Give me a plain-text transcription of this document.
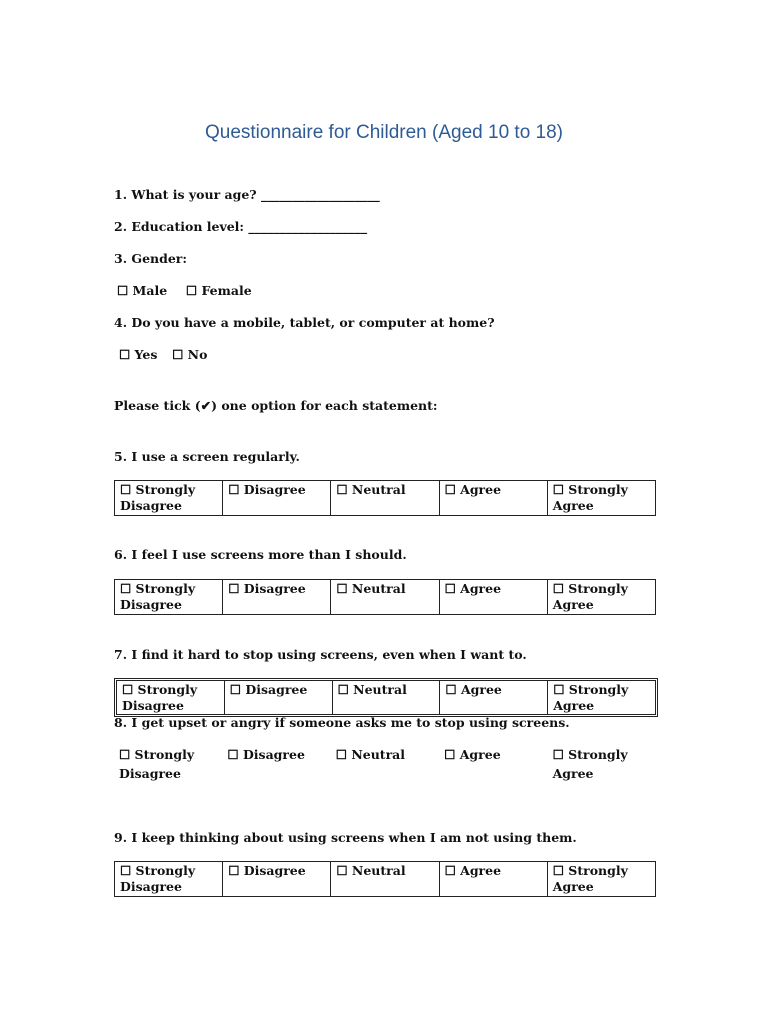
Questionnaire for Children (Aged 10 to 18)
1. What is your age? ___________________
2. Education level: ___________________
3. Gender:
☐ Male ☐ Female
4. Do you have a mobile, tablet, or computer at home?
☐ Yes ☐ No
Please tick (✔) one option for each statement:
5. I use a screen regularly.
☐ Strongly Disagree	☐ Disagree	☐ Neutral	☐ Agree	☐ Strongly Agree
6. I feel I use screens more than I should.
☐ Strongly Disagree	☐ Disagree	☐ Neutral	☐ Agree	☐ Strongly Agree
7. I find it hard to stop using screens, even when I want to.
☐ Strongly Disagree	☐ Disagree	☐ Neutral	☐ Agree	☐ Strongly Agree
8. I get upset or angry if someone asks me to stop using screens.
☐ Strongly Disagree	☐ Disagree	☐ Neutral	☐ Agree	☐ Strongly Agree
9. I keep thinking about using screens when I am not using them.
☐ Strongly Disagree	☐ Disagree	☐ Neutral	☐ Agree	☐ Strongly Agree
